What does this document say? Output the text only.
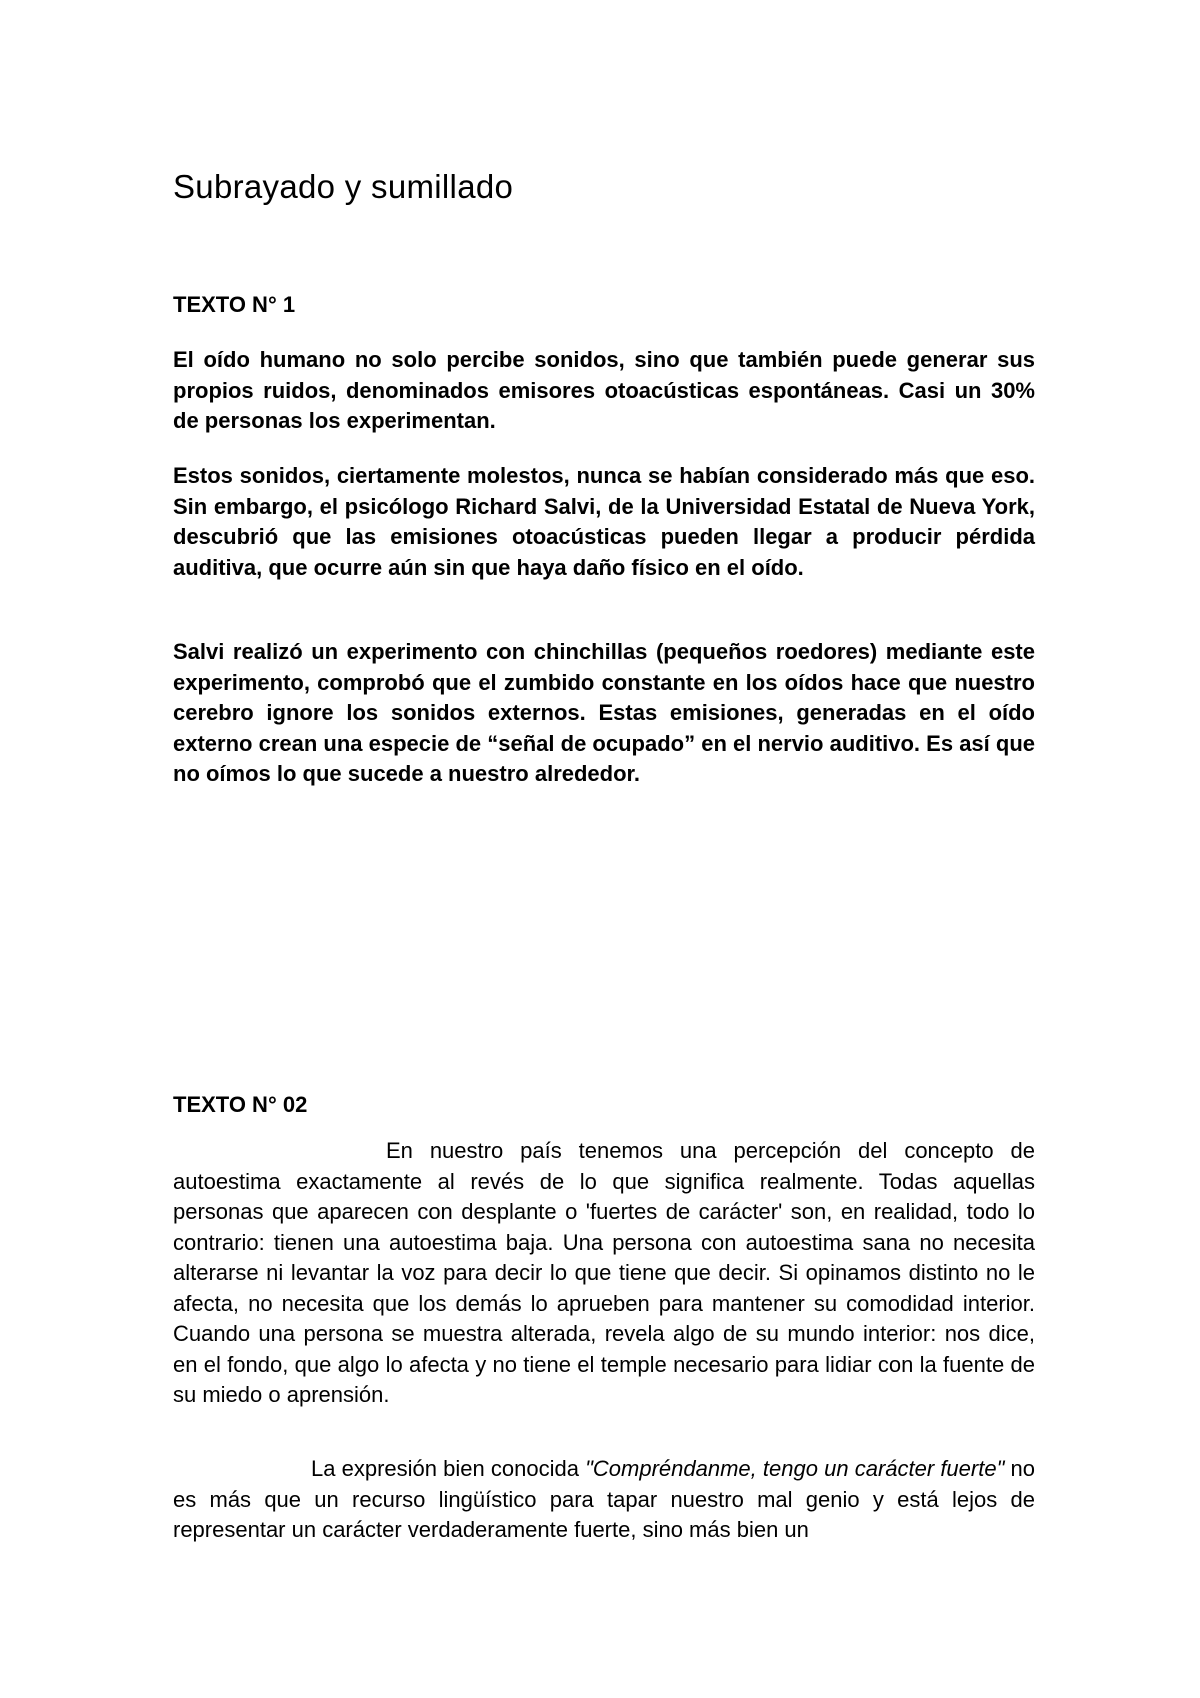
Subrayado y sumillado
TEXTO N° 1

El oído humano no solo percibe sonidos, sino que también puede generar sus propios ruidos, denominados emisores otoacústicas espontáneas. Casi un 30% de personas los experimentan.

Estos sonidos, ciertamente molestos, nunca se habían considerado más que eso. Sin embargo, el psicólogo Richard Salvi, de la Universidad Estatal de Nueva York, descubrió que las emisiones otoacústicas pueden llegar a producir pérdida auditiva, que ocurre aún sin que haya daño físico en el oído.

Salvi realizó un experimento con chinchillas (pequeños roedores) mediante este experimento, comprobó que el zumbido constante en los oídos hace que nuestro cerebro ignore los sonidos externos. Estas emisiones, generadas en el oído externo crean una especie de “señal de ocupado” en el nervio auditivo. Es así que no oímos lo que sucede a nuestro alrededor.

TEXTO N° 02

En nuestro país tenemos una percepción del concepto de autoestima exactamente al revés de lo que significa realmente. Todas aquellas personas que aparecen con desplante o 'fuertes de carácter' son, en realidad, todo lo contrario: tienen una autoestima baja. Una persona con autoestima sana no necesita alterarse ni levantar la voz para decir lo que tiene que decir. Si opinamos distinto no le afecta, no necesita que los demás lo aprueben para mantener su comodidad interior. Cuando una persona se muestra alterada, revela algo de su mundo interior: nos dice, en el fondo, que algo lo afecta y no tiene el temple necesario para lidiar con la fuente de su miedo o aprensión.

La expresión bien conocida "Compréndanme, tengo un carácter fuerte" no es más que un recurso lingüístico para tapar nuestro mal genio y está lejos de representar un carácter verdaderamente fuerte, sino más bien un
